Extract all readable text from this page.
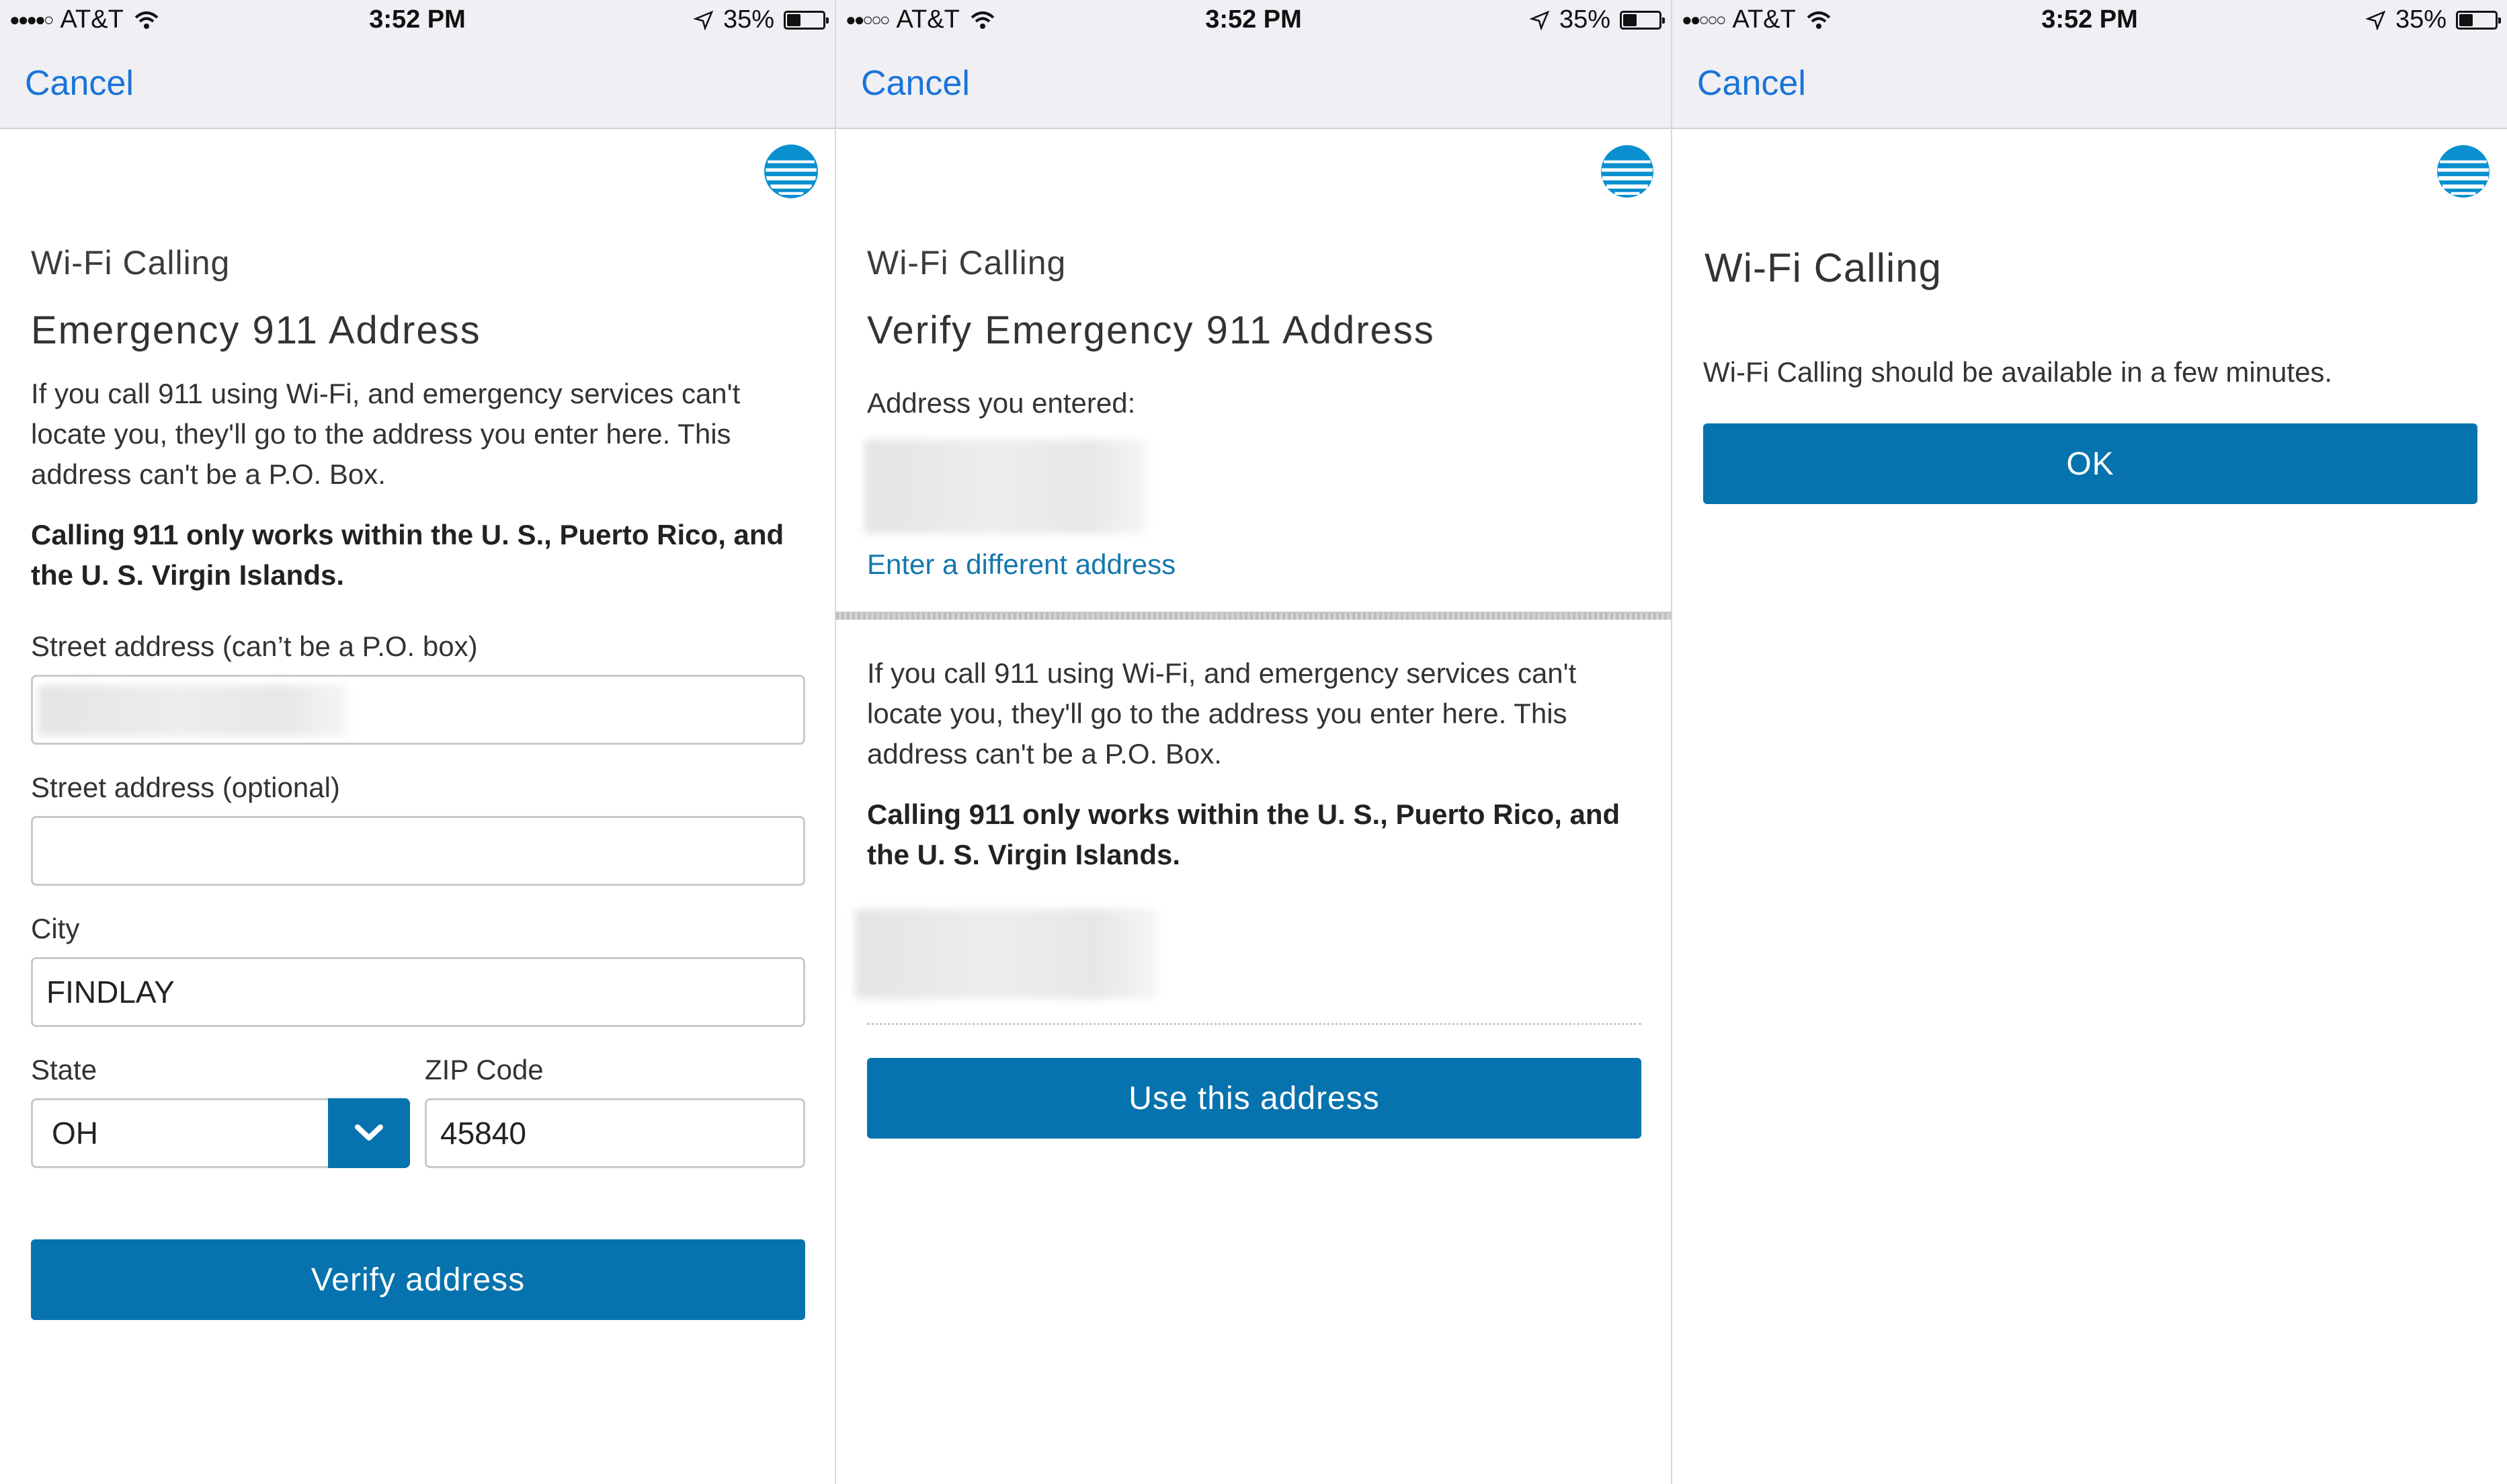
●●●●○ AT&T	3:52 PM	35%
Cancel
Wi-Fi Calling
Emergency 911 Address
If you call 911 using Wi-Fi, and emergency services can't locate you, they'll go to the address you enter here. This address can't be a P.O. Box.
Calling 911 only works within the U. S., Puerto Rico, and the U. S. Virgin Islands.
Street address (can’t be a P.O. box)
Street address (optional)
City
FINDLAY
State	ZIP Code
OH	45840
Verify address
●●○○○ AT&T	3:52 PM	35%
Cancel
Wi-Fi Calling
Verify Emergency 911 Address
Address you entered:
Enter a different address
If you call 911 using Wi-Fi, and emergency services can't locate you, they'll go to the address you enter here. This address can't be a P.O. Box.
Calling 911 only works within the U. S., Puerto Rico, and the U. S. Virgin Islands.
Use this address
●●○○○ AT&T	3:52 PM	35%
Cancel
Wi-Fi Calling
Wi-Fi Calling should be available in a few minutes.
OK
